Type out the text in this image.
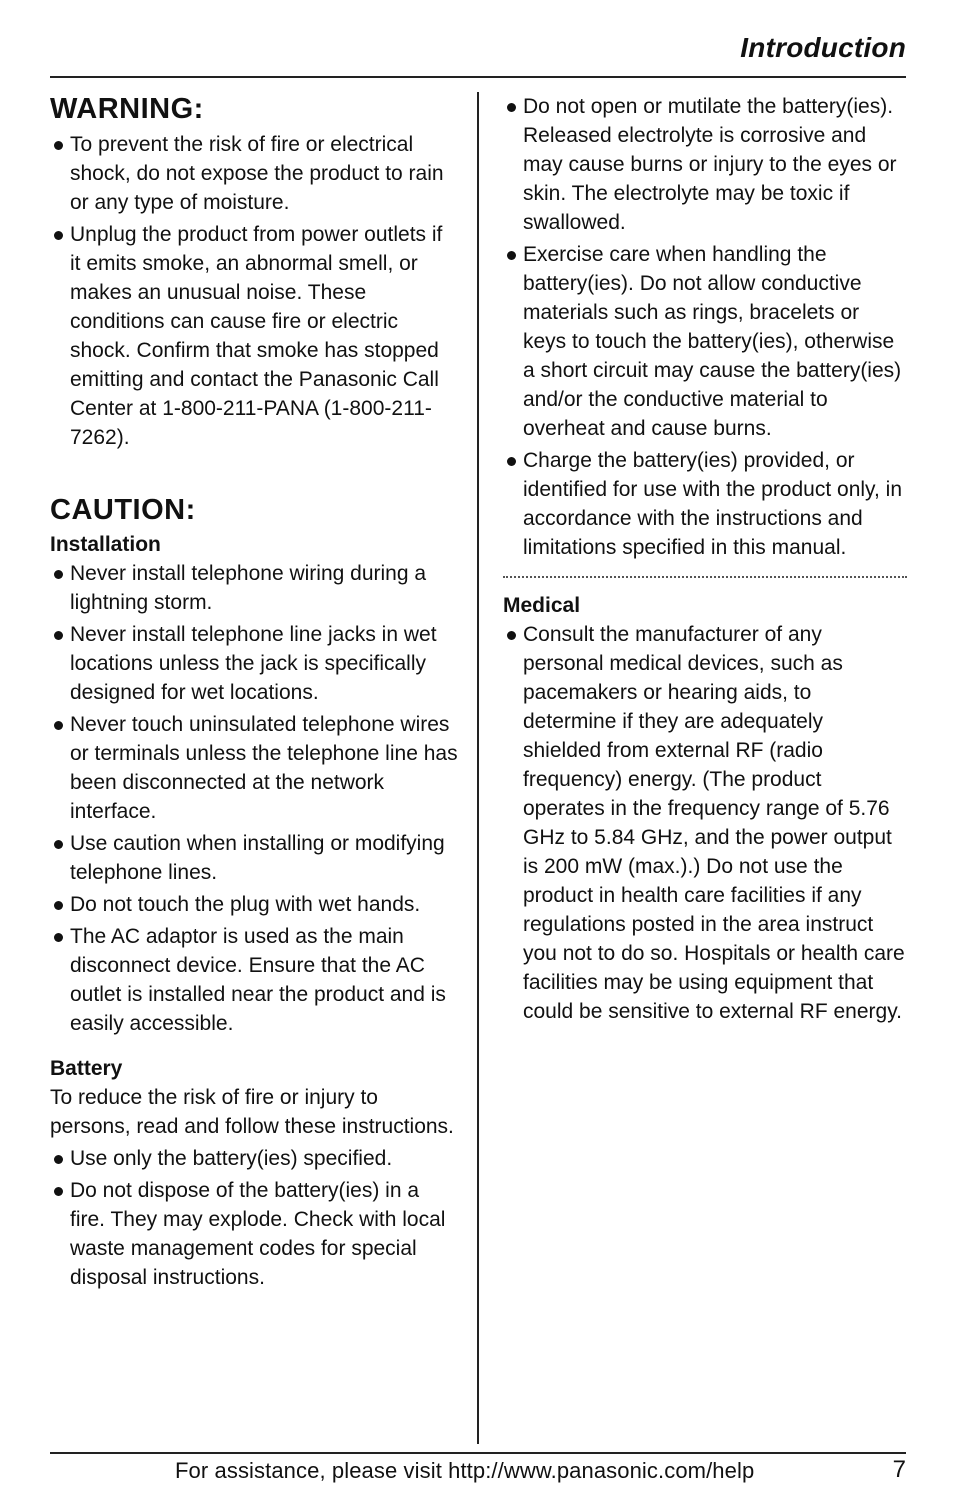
Introduction
WARNING:
To prevent the risk of fire or electrical shock, do not expose the product to rain or any type of moisture.
Unplug the product from power outlets if it emits smoke, an abnormal smell, or makes an unusual noise. These conditions can cause fire or electric shock. Confirm that smoke has stopped emitting and contact the Panasonic Call Center at 1-800-211-PANA (1-800-211-7262).
CAUTION:
Installation
Never install telephone wiring during a lightning storm.
Never install telephone line jacks in wet locations unless the jack is specifically designed for wet locations.
Never touch uninsulated telephone wires or terminals unless the telephone line has been disconnected at the network interface.
Use caution when installing or modifying telephone lines.
Do not touch the plug with wet hands.
The AC adaptor is used as the main disconnect device. Ensure that the AC outlet is installed near the product and is easily accessible.
Battery

To reduce the risk of fire or injury to persons, read and follow these instructions.

Use only the battery(ies) specified.
Do not dispose of the battery(ies) in a fire. They may explode. Check with local waste management codes for special disposal instructions.
Do not open or mutilate the battery(ies). Released electrolyte is corrosive and may cause burns or injury to the eyes or skin. The electrolyte may be toxic if swallowed.
Exercise care when handling the battery(ies). Do not allow conductive materials such as rings, bracelets or keys to touch the battery(ies), otherwise a short circuit may cause the battery(ies) and/or the conductive material to overheat and cause burns.
Charge the battery(ies) provided, or identified for use with the product only, in accordance with the instructions and limitations specified in this manual.
Medical
Consult the manufacturer of any personal medical devices, such as pacemakers or hearing aids, to determine if they are adequately shielded from external RF (radio frequency) energy. (The product operates in the frequency range of 5.76 GHz to 5.84 GHz, and the power output is 200 mW (max.).) Do not use the product in health care facilities if any regulations posted in the area instruct you not to do so. Hospitals or health care facilities may be using equipment that could be sensitive to external RF energy.
For assistance, please visit http://www.panasonic.com/help	7
